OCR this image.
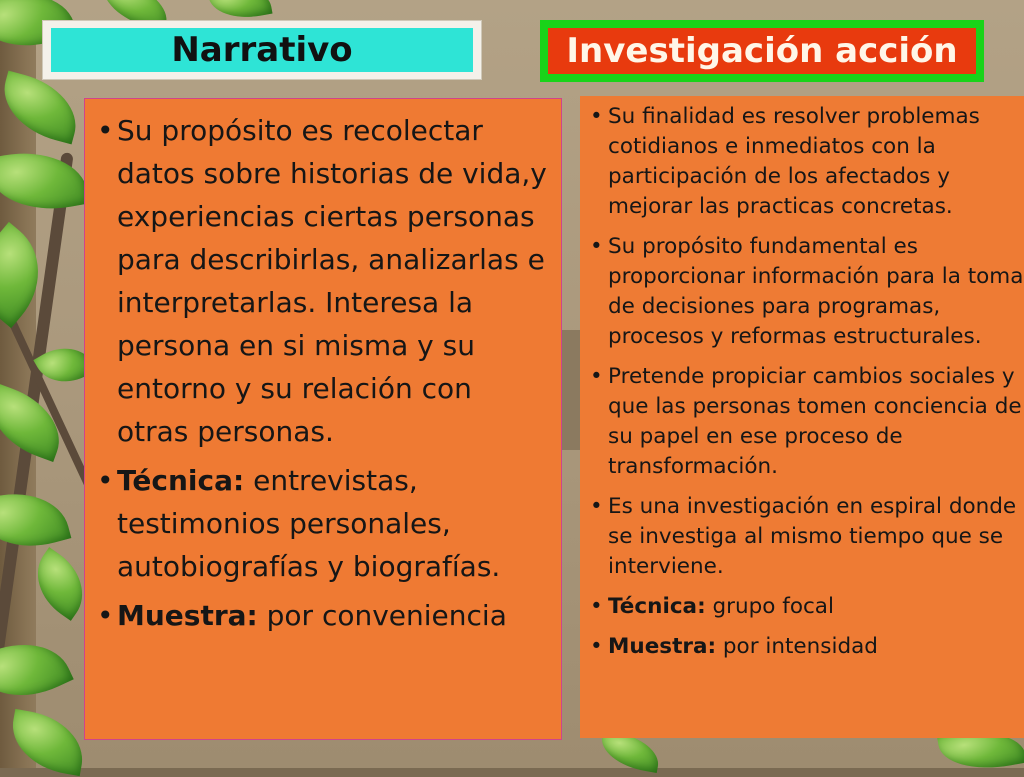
Narrativo	Investigación acción
• Su propósito es recolectar datos sobre historias de vida,y experiencias ciertas personas para describirlas, analizarlas e interpretarlas. Interesa la persona en si misma y su entorno y su relación con otras personas.
• Técnica: entrevistas, testimonios personales, autobiografías y biografías.
• Muestra: por conveniencia
• Su finalidad es resolver problemas cotidianos e inmediatos con la participación de los afectados y mejorar las practicas concretas.
• Su propósito fundamental es proporcionar información para la toma de decisiones para programas, procesos y reformas estructurales.
• Pretende propiciar cambios sociales y que las personas tomen conciencia de su papel en ese proceso de transformación.
• Es una investigación en espiral donde se investiga al mismo tiempo que se interviene.
• Técnica: grupo focal
• Muestra: por intensidad
